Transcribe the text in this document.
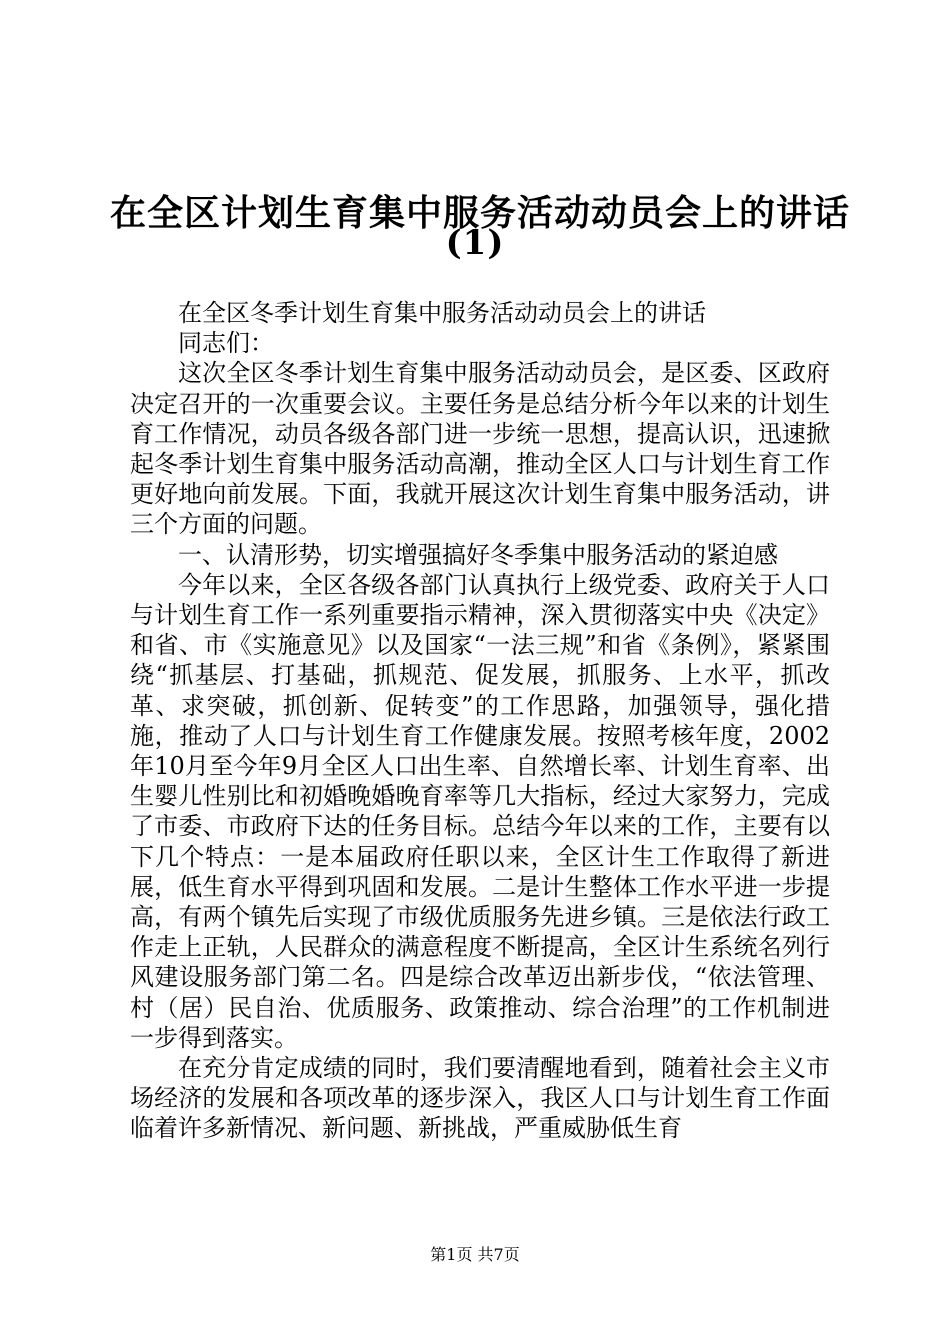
在全区计划生育集中服务活动动员会上的讲话
(1)

在全区冬季计划生育集中服务活动动员会上的讲话

同志们：

这次全区冬季计划生育集中服务活动动员会，是区委、区政府决定召开的一次重要会议。主要任务是总结分析今年以来的计划生育工作情况，动员各级各部门进一步统一思想，提高认识，迅速掀起冬季计划生育集中服务活动高潮，推动全区人口与计划生育工作更好地向前发展。下面，我就开展这次计划生育集中服务活动，讲三个方面的问题。

一、认清形势，切实增强搞好冬季集中服务活动的紧迫感

今年以来，全区各级各部门认真执行上级党委、政府关于人口与计划生育工作一系列重要指示精神，深入贯彻落实中央《决定》和省、市《实施意见》以及国家“一法三规”和省《条例》，紧紧围绕“抓基层、打基础，抓规范、促发展，抓服务、上水平，抓改革、求突破，抓创新、促转变”的工作思路，加强领导，强化措施，推动了人口与计划生育工作健康发展。按照考核年度，2002年10月至今年9月全区人口出生率、自然增长率、计划生育率、出生婴儿性别比和初婚晚婚晚育率等几大指标，经过大家努力，完成了市委、市政府下达的任务目标。总结今年以来的工作，主要有以下几个特点：一是本届政府任职以来，全区计生工作取得了新进展，低生育水平得到巩固和发展。二是计生整体工作水平进一步提高，有两个镇先后实现了市级优质服务先进乡镇。三是依法行政工作走上正轨，人民群众的满意程度不断提高，全区计生系统名列行风建设服务部门第二名。四是综合改革迈出新步伐，“依法管理、村（居）民自治、优质服务、政策推动、综合治理”的工作机制进一步得到落实。

在充分肯定成绩的同时，我们要清醒地看到，随着社会主义市场经济的发展和各项改革的逐步深入，我区人口与计划生育工作面临着许多新情况、新问题、新挑战，严重威胁低生育

第1页 共7页
